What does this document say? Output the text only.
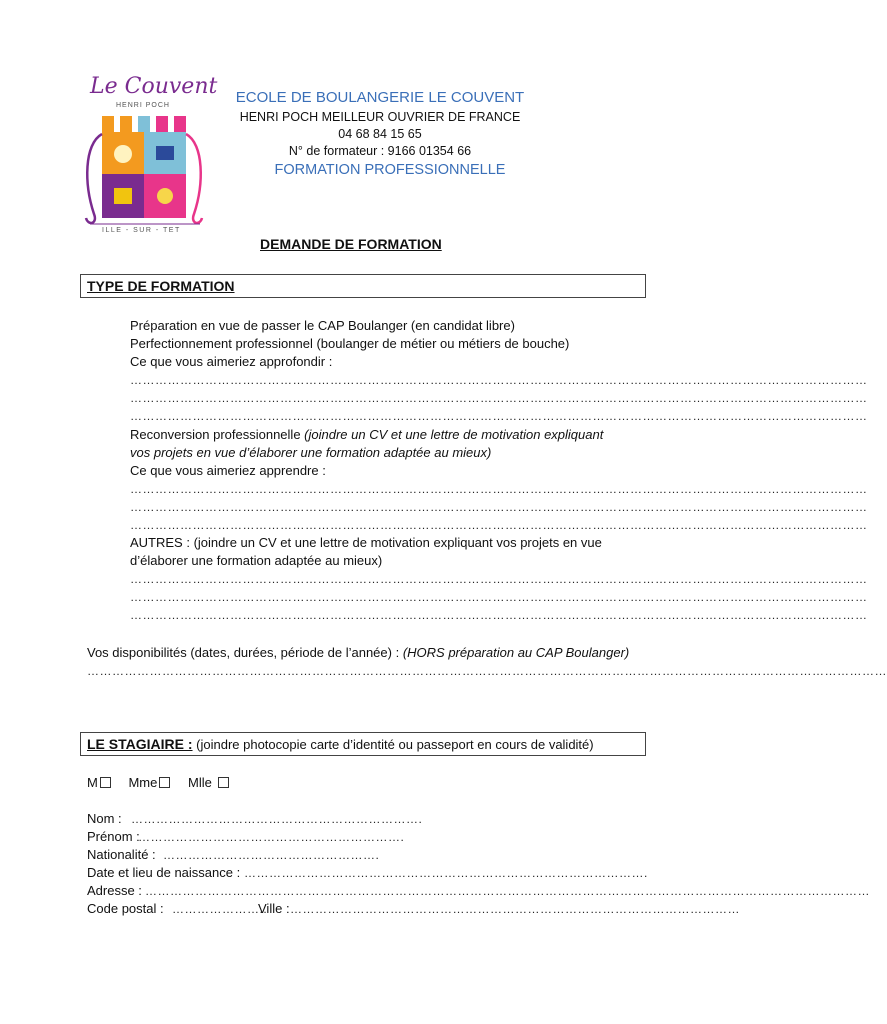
Le Couvent
HENRI POCH
ILLE - SUR - TET
ECOLE DE BOULANGERIE LE COUVENT
HENRI POCH MEILLEUR OUVRIER DE FRANCE
04 68 84 15 65
N° de formateur : 9166 01354 66
FORMATION PROFESSIONNELLE
DEMANDE DE FORMATION
TYPE DE FORMATION
Préparation en vue de passer le CAP Boulanger (en candidat libre)
Perfectionnement professionnel (boulanger de métier ou métiers de bouche)
Ce que vous aimeriez approfondir :
……………………………………………………………………………………………………………………………………………………………
……………………………………………………………………………………………………………………………………………………………
……………………………………………………………………………………………………………………………………………………………
Reconversion professionnelle (joindre un CV et une lettre de motivation expliquant
vos projets en vue d’élaborer une formation adaptée au mieux)
Ce que vous aimeriez apprendre :
……………………………………………………………………………………………………………………………………………………………
……………………………………………………………………………………………………………………………………………………………
……………………………………………………………………………………………………………………………………………………………
AUTRES : (joindre un CV et une lettre de motivation expliquant vos projets en vue
d’élaborer une formation adaptée au mieux)
……………………………………………………………………………………………………………………………………………………………
……………………………………………………………………………………………………………………………………………………………
……………………………………………………………………………………………………………………………………………………………
Vos disponibilités (dates, durées, période de l’année) : (HORS préparation au CAP Boulanger)
…………………………………………………………………………………………………………………………………………………………………………
LE STAGIAIRE : (joindre photocopie carte d’identité ou passeport en cours de validité)
M Mme Mlle
Nom : …………………………………………………………….
Prénom :
……………………………………………………….
Nationalité : …………………………………………….
Date et lieu de naissance : …………………………………………………………………………………….
Adresse : …………………………………………………………………………………………………………………………………………………………
Code postal : …………………..
Ville : ………………………………………………………………………………………………
